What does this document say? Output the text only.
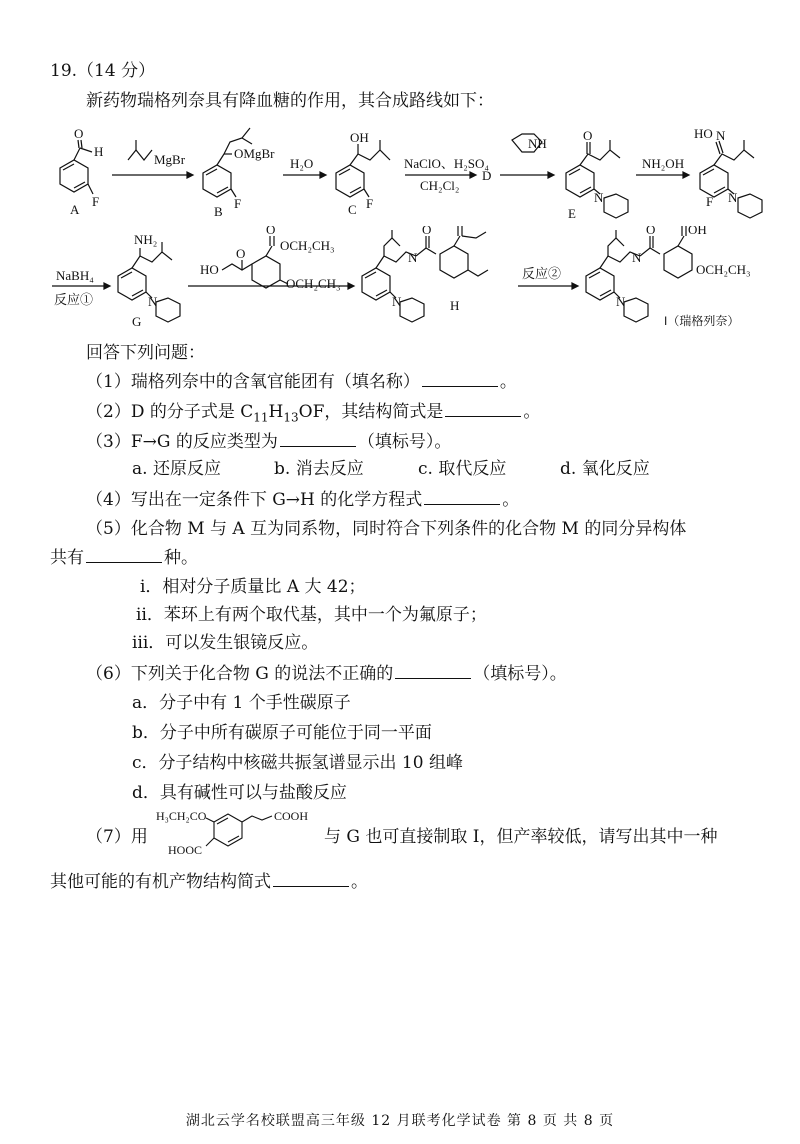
19.（14 分）
新药物瑞格列奈具有降血糖的作用，其合成路线如下：
O
H
F
A
MgBr	OMgBr
F
B
H₂O
OH
F
C
NaClO、H₂SO₄
CH₂Cl₂
D
NH
O
N
E
NH₂OH
HO N
F N
NaBH₄
反应①
NH₂
N
G
HO
O
O
OCH₂CH₃
OCH₂CH₃
N
O
N	H
反应②
N
O	OH
OCH₂CH₃
N
I（瑞格列奈）
回答下列问题：
（1）瑞格列奈中的含氧官能团有（填名称）	。
（2）D 的分子式是 $C_{11}H_{13}OF$，其结构简式是	。
（3）F→G 的反应类型为	（填标号）。
a. 还原反应	b. 消去反应	c. 取代反应	d. 氧化反应
（4）写出在一定条件下 G→H 的化学方程式	。
（5）化合物 M 与 A 互为同系物，同时符合下列条件的化合物 M 的同分异构体
共有	种。
ⅰ．相对分子质量比 A 大 42；
ⅱ．苯环上有两个取代基，其中一个为氟原子；
ⅲ．可以发生银镜反应。
（6）下列关于化合物 G 的说法不正确的	（填标号）。
a．分子中有 1 个手性碳原子
b．分子中所有碳原子可能位于同一平面
c．分子结构中核磁共振氢谱显示出 10 组峰
d．具有碱性可以与盐酸反应
（7）用
H₃CH₂CO	COOH
HOOC
与 G 也可直接制取 I，但产率较低，请写出其中一种
其他可能的有机产物结构简式	。
湖北云学名校联盟高三年级 12 月联考化学试卷 第 8 页 共 8 页
